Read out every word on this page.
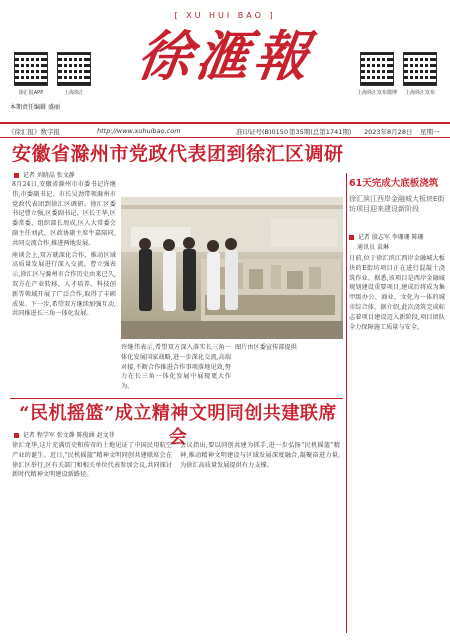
[ XU HUI BAO ]
徐滙報
徐汇报APP	上海徐汇	上海徐汇发布微博	上海徐汇发布
本期责任编辑 盛丽
《徐汇报》数字报	http://www.xuhuibao.com	准印证号(B)0150 第35期(总第1741期) 2023年8月28日 星期一
安徽省滁州市党政代表团到徐汇区调研
记者 刘晓晶 张文静

8月24日,安徽省滁州市市委书记许继伟,市委副书记、市长吴劲带领滁州市党政代表团到徐汇区调研。徐汇区委书记曹立强,区委副书记、区长王华,区委常委、组织部长周成,区人大常委会副主任刘武、区政协副主席牛嘉陪同,共同交流合作,推进两地发展。

座谈会上,双方就深化合作、推动区域高质量发展进行深入交流。曹立强表示,徐汇区与滁州市合作历史由来已久,双方在产业转移、人才培养、科技创新等领域开展了广泛合作,取得了丰硕成果。下一步,希望双方继续加强互动,共同推进长三角一体化发展。

许继伟表示,希望双方深入落实长三角一体化发展国家战略,进一步深化交流,高端对接,不断合作推进合作事项落地见效,努力在长三角一体化发展中展现更大作为。

图片由区委宣传部提供

61天完成大底板浇筑
徐汇滨江西岸金融城大板块E街坊项目迎来建设新阶段
记者 殷志军 李珊珊 陈珊
通讯员 袁琳

日前,位于徐汇滨江西岸金融城大板块的E街坊项目正在进行混凝土浇筑作业。据悉,该项目是西岸金融城规划建设重要项目,建成后将成为集甲级办公、商业、文化为一体的城市综合体。据介绍,此次浇筑完成标志着项目建设迈入新阶段,项目团队全力保障施工质量与安全。

“民机摇篮”成立精神文明同创共建联席会
记者 程学军 张文静 陈俊涵 赵文菲

徐汇龙华,这片充满历史和传奇的土地见证了中国民用航空产业的诞生。近日,“民机摇篮”精神文明同创共建联席会在徐汇区举行,区有关部门和相关单位代表参加会议,共同探讨新时代精神文明建设新路径。

会议指出,要以同创共建为抓手,进一步弘扬“民机摇篮”精神,推动精神文明建设与区域发展深度融合,凝聚奋进力量,为徐汇高质量发展提供有力支撑。
